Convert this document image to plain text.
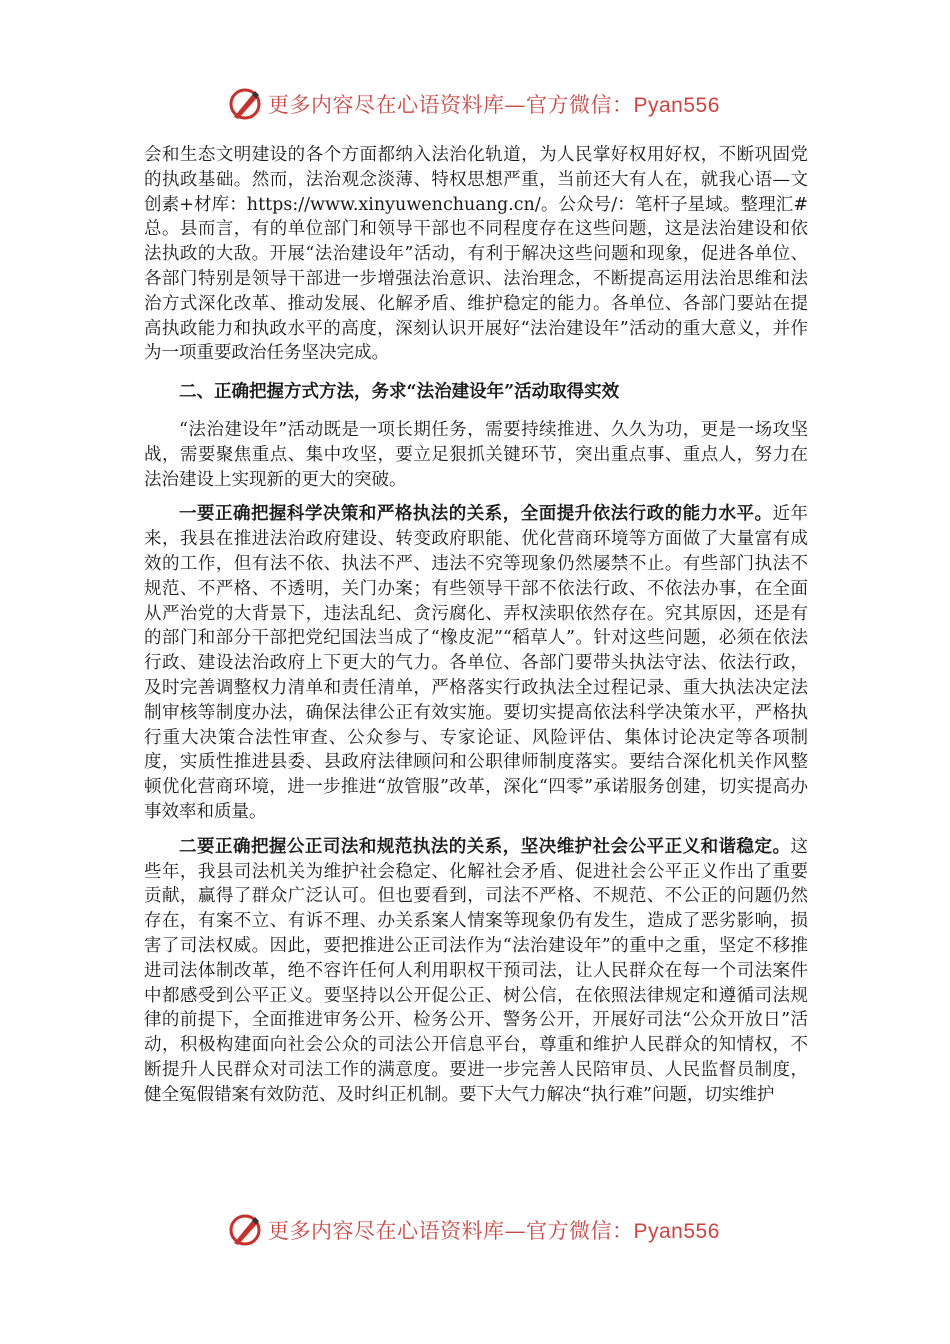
更多内容尽在心语资料库—官方微信：Pyan556

会和生态文明建设的各个方面都纳入法治化轨道，为人民掌好权用好权，不断巩固党的执政基础。然而，法治观念淡薄、特权思想严重，当前还大有人在，就我心语—文创素+材库：https://www.xinyuwenchuang.cn/。公众号/：笔杆子星域。整理汇#总。县而言，有的单位部门和领导干部也不同程度存在这些问题，这是法治建设和依法执政的大敌。开展“法治建设年”活动，有利于解决这些问题和现象，促进各单位、各部门特别是领导干部进一步增强法治意识、法治理念，不断提高运用法治思维和法治方式深化改革、推动发展、化解矛盾、维护稳定的能力。各单位、各部门要站在提高执政能力和执政水平的高度，深刻认识开展好“法治建设年”活动的重大意义，并作为一项重要政治任务坚决完成。

二、正确把握方式方法，务求“法治建设年”活动取得实效

“法治建设年”活动既是一项长期任务，需要持续推进、久久为功，更是一场攻坚战，需要聚焦重点、集中攻坚，要立足狠抓关键环节，突出重点事、重点人，努力在法治建设上实现新的更大的突破。

一要正确把握科学决策和严格执法的关系，全面提升依法行政的能力水平。近年来，我县在推进法治政府建设、转变政府职能、优化营商环境等方面做了大量富有成效的工作，但有法不依、执法不严、违法不究等现象仍然屡禁不止。有些部门执法不规范、不严格、不透明，关门办案；有些领导干部不依法行政、不依法办事，在全面从严治党的大背景下，违法乱纪、贪污腐化、弄权渎职依然存在。究其原因，还是有的部门和部分干部把党纪国法当成了“橡皮泥”“稻草人”。针对这些问题，必须在依法行政、建设法治政府上下更大的气力。各单位、各部门要带头执法守法、依法行政，及时完善调整权力清单和责任清单，严格落实行政执法全过程记录、重大执法决定法制审核等制度办法，确保法律公正有效实施。要切实提高依法科学决策水平，严格执行重大决策合法性审查、公众参与、专家论证、风险评估、集体讨论决定等各项制度，实质性推进县委、县政府法律顾问和公职律师制度落实。要结合深化机关作风整顿优化营商环境，进一步推进“放管服”改革，深化“四零”承诺服务创建，切实提高办事效率和质量。

二要正确把握公正司法和规范执法的关系，坚决维护社会公平正义和谐稳定。这些年，我县司法机关为维护社会稳定、化解社会矛盾、促进社会公平正义作出了重要贡献，赢得了群众广泛认可。但也要看到，司法不严格、不规范、不公正的问题仍然存在，有案不立、有诉不理、办关系案人情案等现象仍有发生，造成了恶劣影响，损害了司法权威。因此，要把推进公正司法作为“法治建设年”的重中之重，坚定不移推进司法体制改革，绝不容许任何人利用职权干预司法，让人民群众在每一个司法案件中都感受到公平正义。要坚持以公开促公正、树公信，在依照法律规定和遵循司法规律的前提下，全面推进审务公开、检务公开、警务公开，开展好司法“公众开放日”活动，积极构建面向社会公众的司法公开信息平台，尊重和维护人民群众的知情权，不断提升人民群众对司法工作的满意度。要进一步完善人民陪审员、人民监督员制度，健全冤假错案有效防范、及时纠正机制。要下大气力解决“执行难”问题，切实维护

更多内容尽在心语资料库—官方微信：Pyan556
